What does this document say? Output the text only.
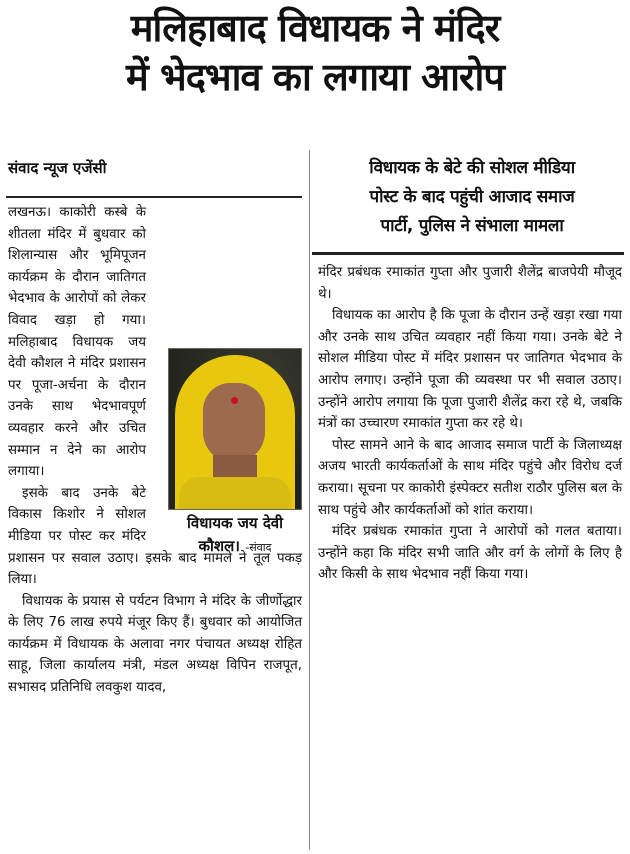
मलिहाबाद विधायक ने मंदिर
में भेदभाव का लगाया आरोप
संवाद न्यूज एजेंसी	विधायक के बेटे की सोशल मीडिया
पोस्ट के बाद पहुंची आजाद समाज
पार्टी, पुलिस ने संभाला मामला

लखनऊ। काकोरी कस्बे के शीतला मंदिर में बुधवार को शिलान्यास और भूमिपूजन कार्यक्रम के दौरान जातिगत भेदभाव के आरोपों को लेकर विवाद खड़ा हो गया। मलिहाबाद विधायक जय देवी कौशल ने मंदिर प्रशासन पर पूजा-अर्चना के दौरान उनके साथ भेदभावपूर्ण व्यवहार करने और उचित सम्मान न देने का आरोप लगाया।

इसके बाद उनके बेटे विकास किशोर ने सोशल मीडिया पर पोस्ट कर मंदिर प्रशासन पर सवाल उठाए। इसके बाद मामले ने तूल पकड़ लिया।

विधायक के प्रयास से पर्यटन विभाग ने मंदिर के जीर्णोद्धार के लिए 76 लाख रुपये मंजूर किए हैं। बुधवार को आयोजित कार्यक्रम में विधायक के अलावा नगर पंचायत अध्यक्ष रोहित साहू, जिला कार्यालय मंत्री, मंडल अध्यक्ष विपिन राजपूत, सभासद प्रतिनिधि लवकुश यादव,

विधायक जय देवी कौशल। -संवाद

मंदिर प्रबंधक रमाकांत गुप्ता और पुजारी शैलेंद्र बाजपेयी मौजूद थे।

विधायक का आरोप है कि पूजा के दौरान उन्हें खड़ा रखा गया और उनके साथ उचित व्यवहार नहीं किया गया। उनके बेटे ने सोशल मीडिया पोस्ट में मंदिर प्रशासन पर जातिगत भेदभाव के आरोप लगाए। उन्होंने पूजा की व्यवस्था पर भी सवाल उठाए। उन्होंने आरोप लगाया कि पूजा पुजारी शैलेंद्र करा रहे थे, जबकि मंत्रों का उच्चारण रमाकांत गुप्ता कर रहे थे।

पोस्ट सामने आने के बाद आजाद समाज पार्टी के जिलाध्यक्ष अजय भारती कार्यकर्ताओं के साथ मंदिर पहुंचे और विरोध दर्ज कराया। सूचना पर काकोरी इंस्पेक्टर सतीश राठौर पुलिस बल के साथ पहुंचे और कार्यकर्ताओं को शांत कराया।

मंदिर प्रबंधक रमाकांत गुप्ता ने आरोपों को गलत बताया। उन्होंने कहा कि मंदिर सभी जाति और वर्ग के लोगों के लिए है और किसी के साथ भेदभाव नहीं किया गया।
